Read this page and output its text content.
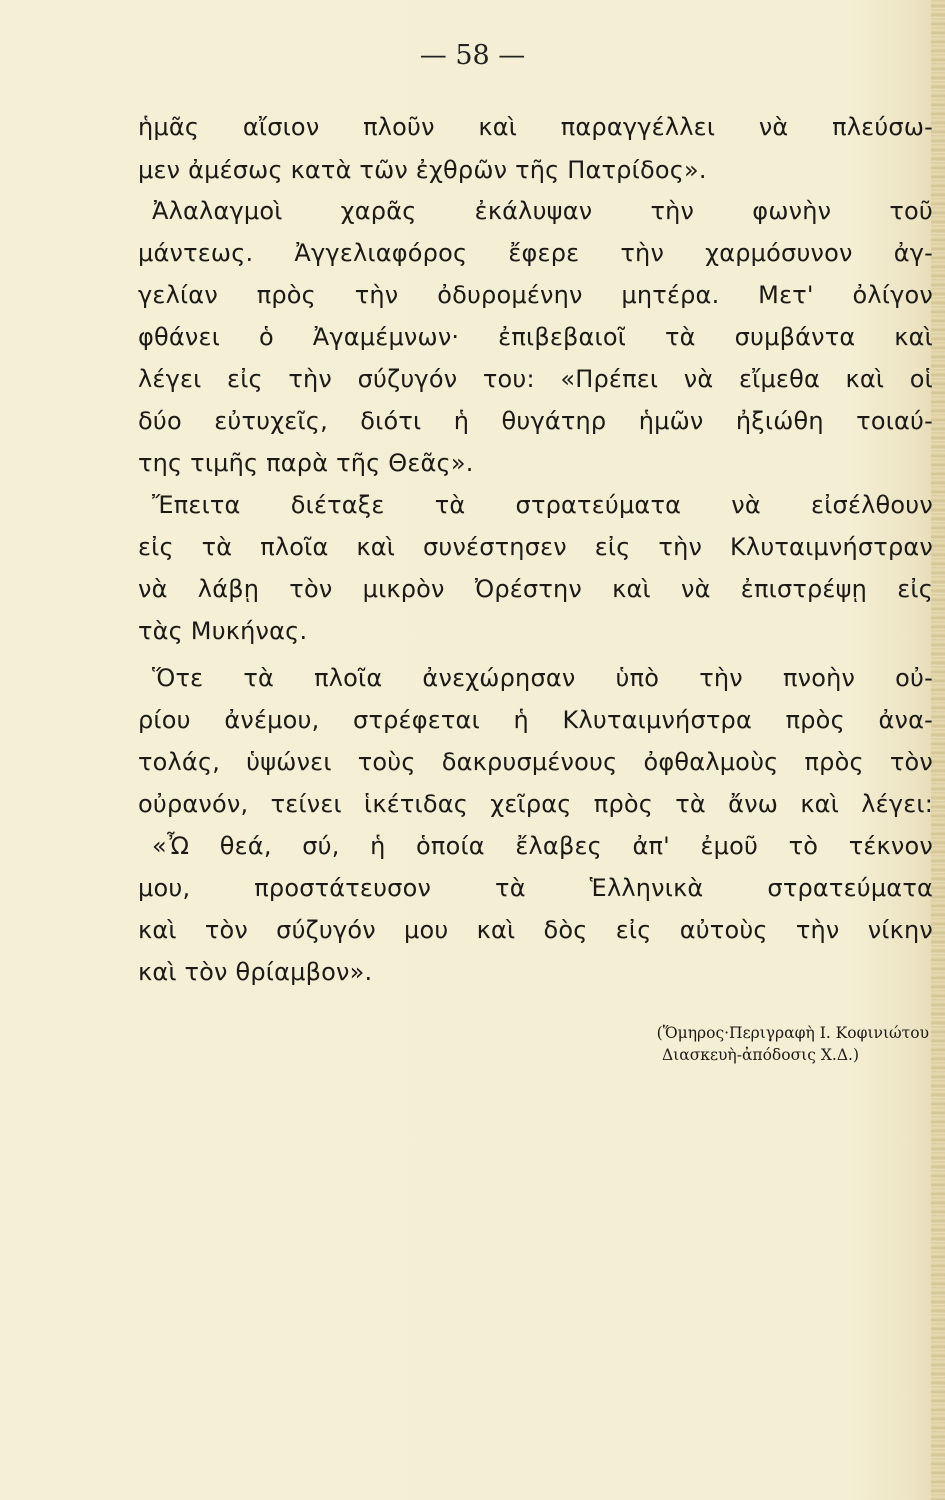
— 58 —
ἡμᾶς αἴσιον πλοῦν καὶ παραγγέλλει νὰ πλεύσω-
μεν ἀμέσως κατὰ τῶν ἐχθρῶν τῆς Πατρίδος».
Ἀλαλαγμοὶ χαρᾶς ἐκάλυψαν τὴν φωνὴν τοῦ
μάντεως. Ἀγγελιαφόρος ἔφερε τὴν χαρμόσυνον ἀγ-
γελίαν πρὸς τὴν ὀδυρομένην μητέρα. Μετ' ὀλίγον
φθάνει ὁ Ἀγαμέμνων· ἐπιβεβαιοῖ τὰ συμβάντα καὶ
λέγει εἰς τὴν σύζυγόν του: «Πρέπει νὰ εἴμεθα καὶ οἱ
δύο εὐτυχεῖς, διότι ἡ θυγάτηρ ἡμῶν ἠξιώθη τοιαύ-
της τιμῆς παρὰ τῆς Θεᾶς».
Ἔπειτα διέταξε τὰ στρατεύματα νὰ εἰσέλθουν
εἰς τὰ πλοῖα καὶ συνέστησεν εἰς τὴν Κλυταιμνήστραν
νὰ λάβῃ τὸν μικρὸν Ὀρέστην καὶ νὰ ἐπιστρέψῃ εἰς
τὰς Μυκήνας.
Ὅτε τὰ πλοῖα ἀνεχώρησαν ὑπὸ τὴν πνοὴν οὐ-
ρίου ἀνέμου, στρέφεται ἡ Κλυταιμνήστρα πρὸς ἀνα-
τολάς, ὑψώνει τοὺς δακρυσμένους ὀφθαλμοὺς πρὸς τὸν
οὐρανόν, τείνει ἱκέτιδας χεῖρας πρὸς τὰ ἄνω καὶ λέγει:
«Ὦ θεά, σύ, ἡ ὁποία ἔλαβες ἀπ' ἐμοῦ τὸ τέκνον
μου, προστάτευσον τὰ Ἑλληνικὰ στρατεύματα
καὶ τὸν σύζυγόν μου καὶ δὸς εἰς αὐτοὺς τὴν νίκην
καὶ τὸν θρίαμβον».
(Ὅμηρος·Περιγραφὴ Ι. Κοφινιώτου
Διασκευὴ-ἀπόδοσις Χ.Δ.)
